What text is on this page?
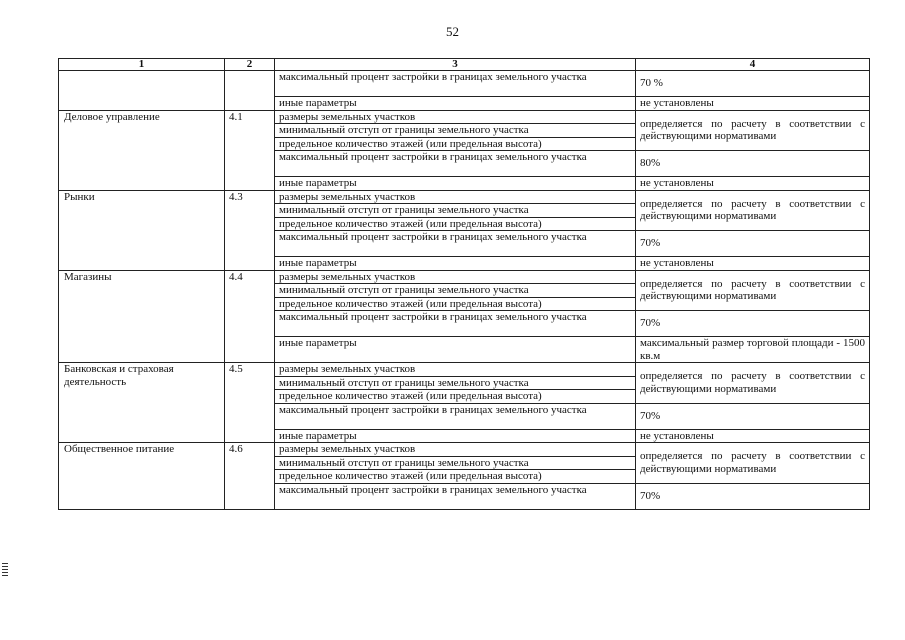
52
1	2	3	4
		максимальный процент застройки в границах земельного участка	70 %
		иные параметры	не установлены
Деловое управление	4.1	размеры земельных участков	определяется по расчету в соответствии с действующими нормативами
		минимальный отступ от границы земельного участка	
		предельное количество этажей (или предельная высота)	
		максимальный процент застройки в границах земельного участка	80%
		иные параметры	не установлены
Рынки	4.3	размеры земельных участков	определяется по расчету в соответствии с действующими нормативами
		минимальный отступ от границы земельного участка	
		предельное количество этажей (или предельная высота)	
		максимальный процент застройки в границах земельного участка	70%
		иные параметры	не установлены
Магазины	4.4	размеры земельных участков	определяется по расчету в соответствии с действующими нормативами
		минимальный отступ от границы земельного участка	
		предельное количество этажей (или предельная высота)	
		максимальный процент застройки в границах земельного участка	70%
		иные параметры	максимальный размер торговой площади - 1500 кв.м
Банковская и страховая деятельность	4.5	размеры земельных участков	определяется по расчету в соответствии с действующими нормативами
		минимальный отступ от границы земельного участка	
		предельное количество этажей (или предельная высота)	
		максимальный процент застройки в границах земельного участка	70%
		иные параметры	не установлены
Общественное питание	4.6	размеры земельных участков	определяется по расчету в соответствии с действующими нормативами
		минимальный отступ от границы земельного участка	
		предельное количество этажей (или предельная высота)	
		максимальный процент застройки в границах земельного участка	70%
